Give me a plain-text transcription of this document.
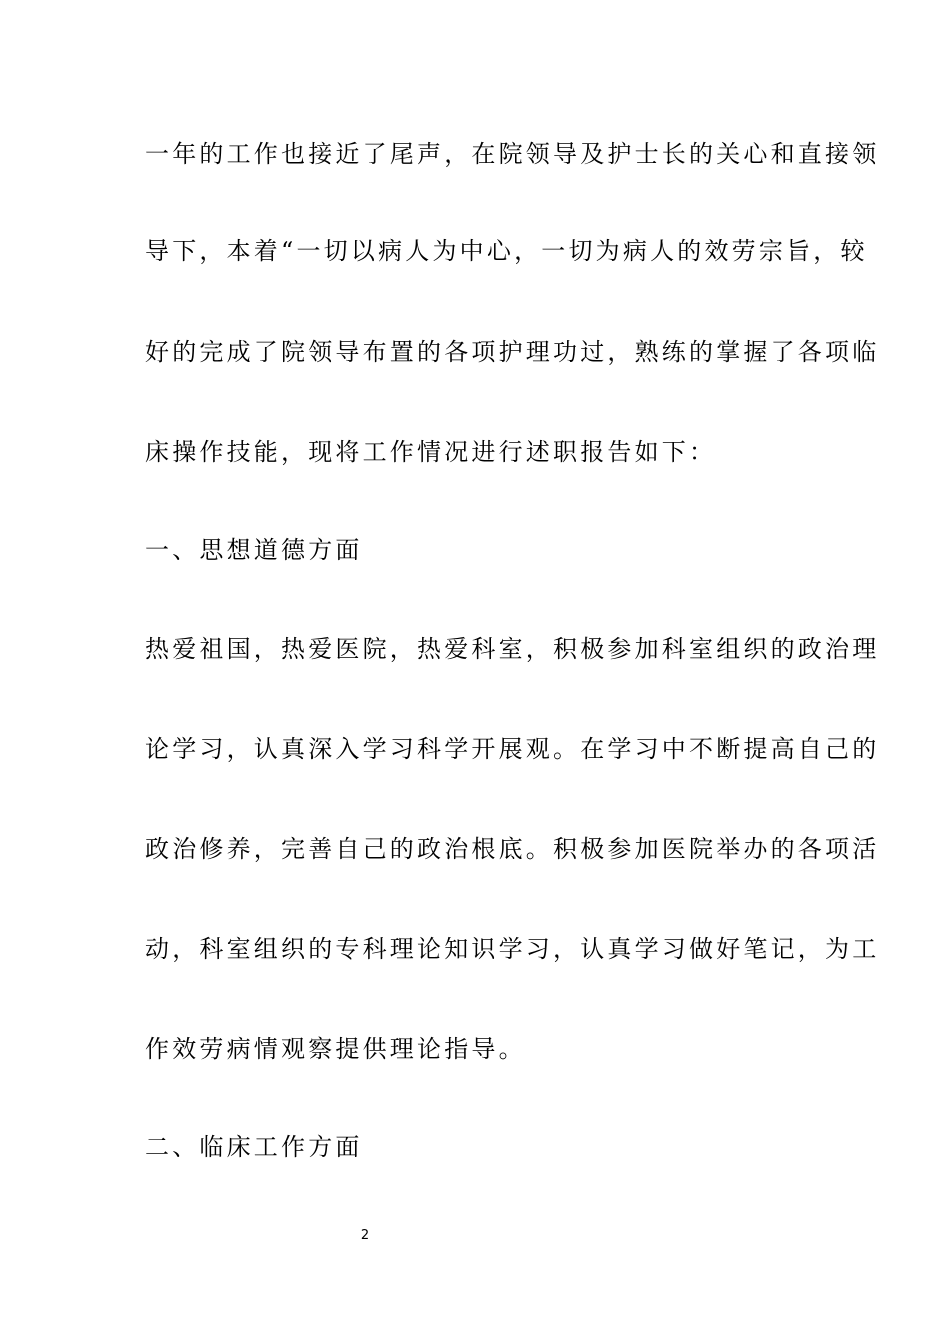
一年的工作也接近了尾声，在院领导及护士长的关心和直接领
导下，本着“一切以病人为中心，一切为病人的效劳宗旨，较
好的完成了院领导布置的各项护理功过，熟练的掌握了各项临
床操作技能，现将工作情况进行述职报告如下：
一、思想道德方面
热爱祖国，热爱医院，热爱科室，积极参加科室组织的政治理
论学习，认真深入学习科学开展观。在学习中不断提高自己的
政治修养，完善自己的政治根底。积极参加医院举办的各项活
动，科室组织的专科理论知识学习，认真学习做好笔记，为工
作效劳病情观察提供理论指导。
二、临床工作方面
2
